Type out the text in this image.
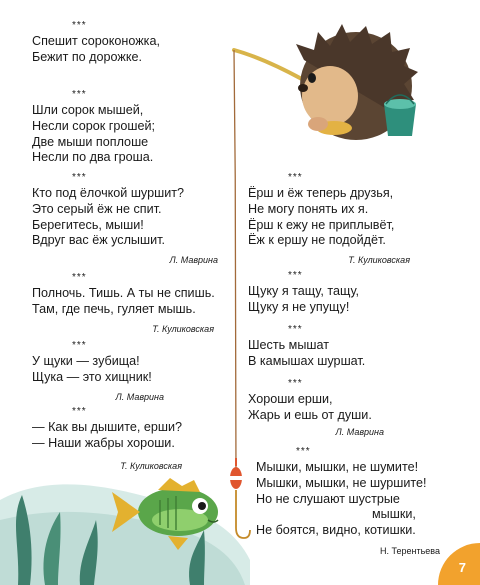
***
Спешит сороконожка,
Бежит по дорожке.
***
Шли сорок мышей,
Несли сорок грошей;
Две мыши поплоше
Несли по два гроша.
***
Кто под ёлочкой шуршит?
Это серый ёж не спит.
Берегитесь, мыши!
Вдруг вас ёж услышит.
Л. Маврина
***
Полночь. Тишь. А ты не спишь.
Там, где печь, гуляет мышь.
Т. Куликовская
***
У щуки — зубища!
Щука — это хищник!
Л. Маврина
***
— Как вы дышите, ерши?
— Наши жабры хороши.
Т. Куликовская
***
Ёрш и ёж теперь друзья,
Не могу понять их я.
Ёрш к ежу не приплывёт,
Ёж к ершу не подойдёт.
Т. Куликовская
***
Щуку я тащу, тащу,
Щуку я не упущу!
***
Шесть мышат
В камышах шуршат.
***
Хороши ерши,
Жарь и ешь от души.
Л. Маврина
***
Мышки, мышки, не шумите!
Мышки, мышки, не шуршите!
Но не слушают шустрые
мышки,
Не боятся, видно, котишки.
Н. Терентьева
7
